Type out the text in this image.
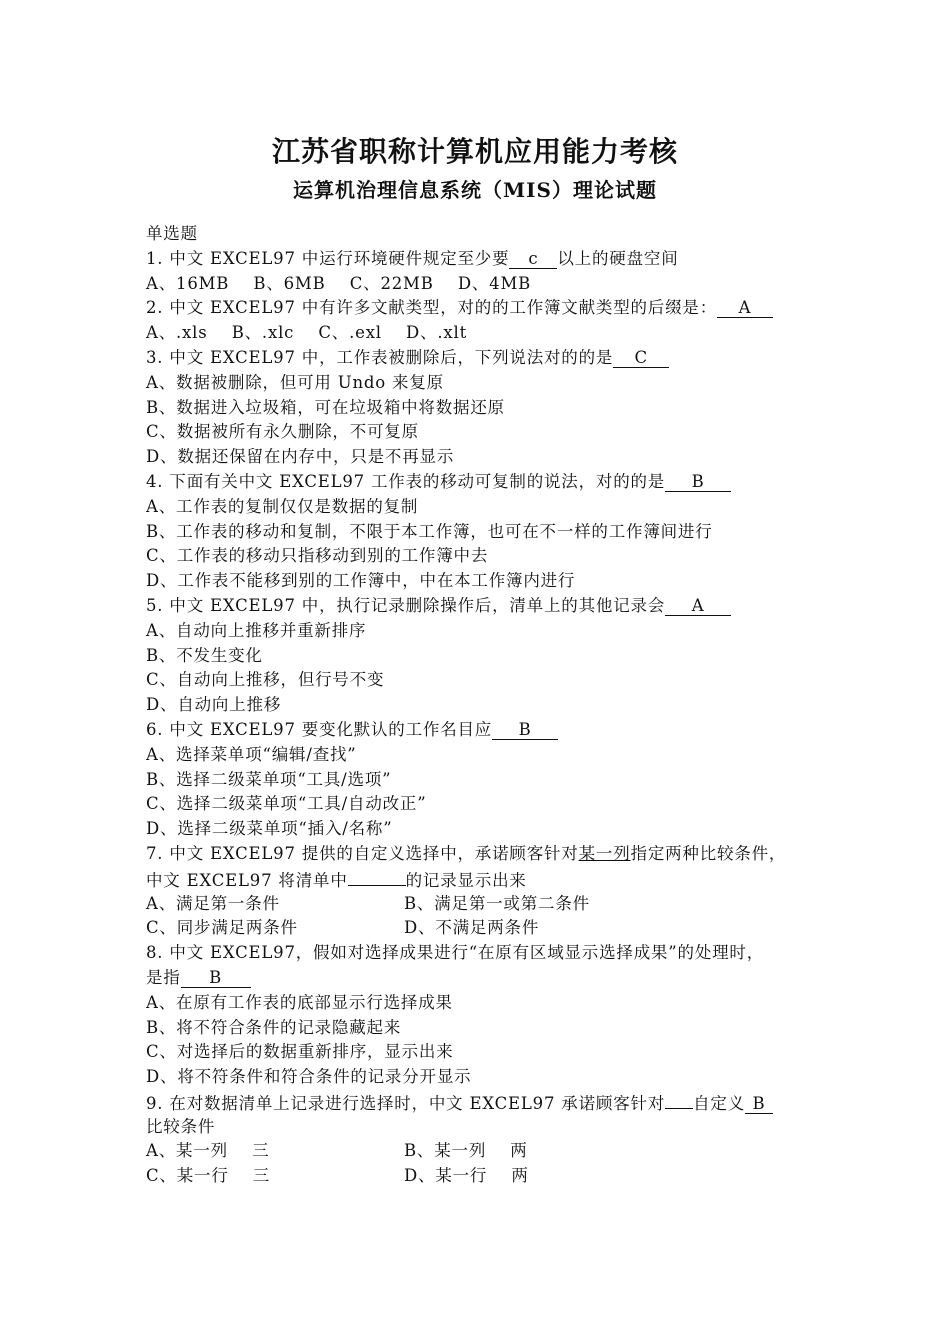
江苏省职称计算机应用能力考核
运算机治理信息系统（MIS）理论试题
单选题
1. 中文 EXCEL97 中运行环境硬件规定至少要 c 以上的硬盘空间
A、16MB    B、6MB    C、22MB    D、4MB
2. 中文 EXCEL97 中有许多文献类型，对的的工作簿文献类型的后缀是： A
A、.xls    B、.xlc    C、.exl    D、.xlt
3. 中文 EXCEL97 中，工作表被删除后，下列说法对的的是 C
A、数据被删除，但可用 Undo 来复原
B、数据进入垃圾箱，可在垃圾箱中将数据还原
C、数据被所有永久删除，不可复原
D、数据还保留在内存中，只是不再显示
4. 下面有关中文 EXCEL97 工作表的移动可复制的说法，对的的是 B
A、工作表的复制仅仅是数据的复制
B、工作表的移动和复制，不限于本工作簿，也可在不一样的工作簿间进行
C、工作表的移动只指移动到别的工作簿中去
D、工作表不能移到别的工作簿中，中在本工作簿内进行
5. 中文 EXCEL97 中，执行记录删除操作后，清单上的其他记录会 A
A、自动向上推移并重新排序
B、不发生变化
C、自动向上推移，但行号不变
D、自动向上推移
6. 中文 EXCEL97 要变化默认的工作名目应 B
A、选择菜单项“编辑/查找”
B、选择二级菜单项“工具/选项”
C、选择二级菜单项“工具/自动改正”
D、选择二级菜单项“插入/名称”
7. 中文 EXCEL97 提供的自定义选择中，承诺顾客针对某一列指定两种比较条件，
中文 EXCEL97 将清单中	的记录显示出来
A、满足第一条件	B、满足第一或第二条件
C、同步满足两条件	D、不满足两条件
8. 中文 EXCEL97，假如对选择成果进行“在原有区域显示选择成果”的处理时，
是指 B
A、在原有工作表的底部显示行选择成果
B、将不符合条件的记录隐藏起来
C、对选择后的数据重新排序，显示出来
D、将不符条件和符合条件的记录分开显示
9. 在对数据清单上记录进行选择时，中文 EXCEL97 承诺顾客针对 自定义 B
比较条件
A、某一列    三	B、某一列    两
C、某一行    三	D、某一行    两
